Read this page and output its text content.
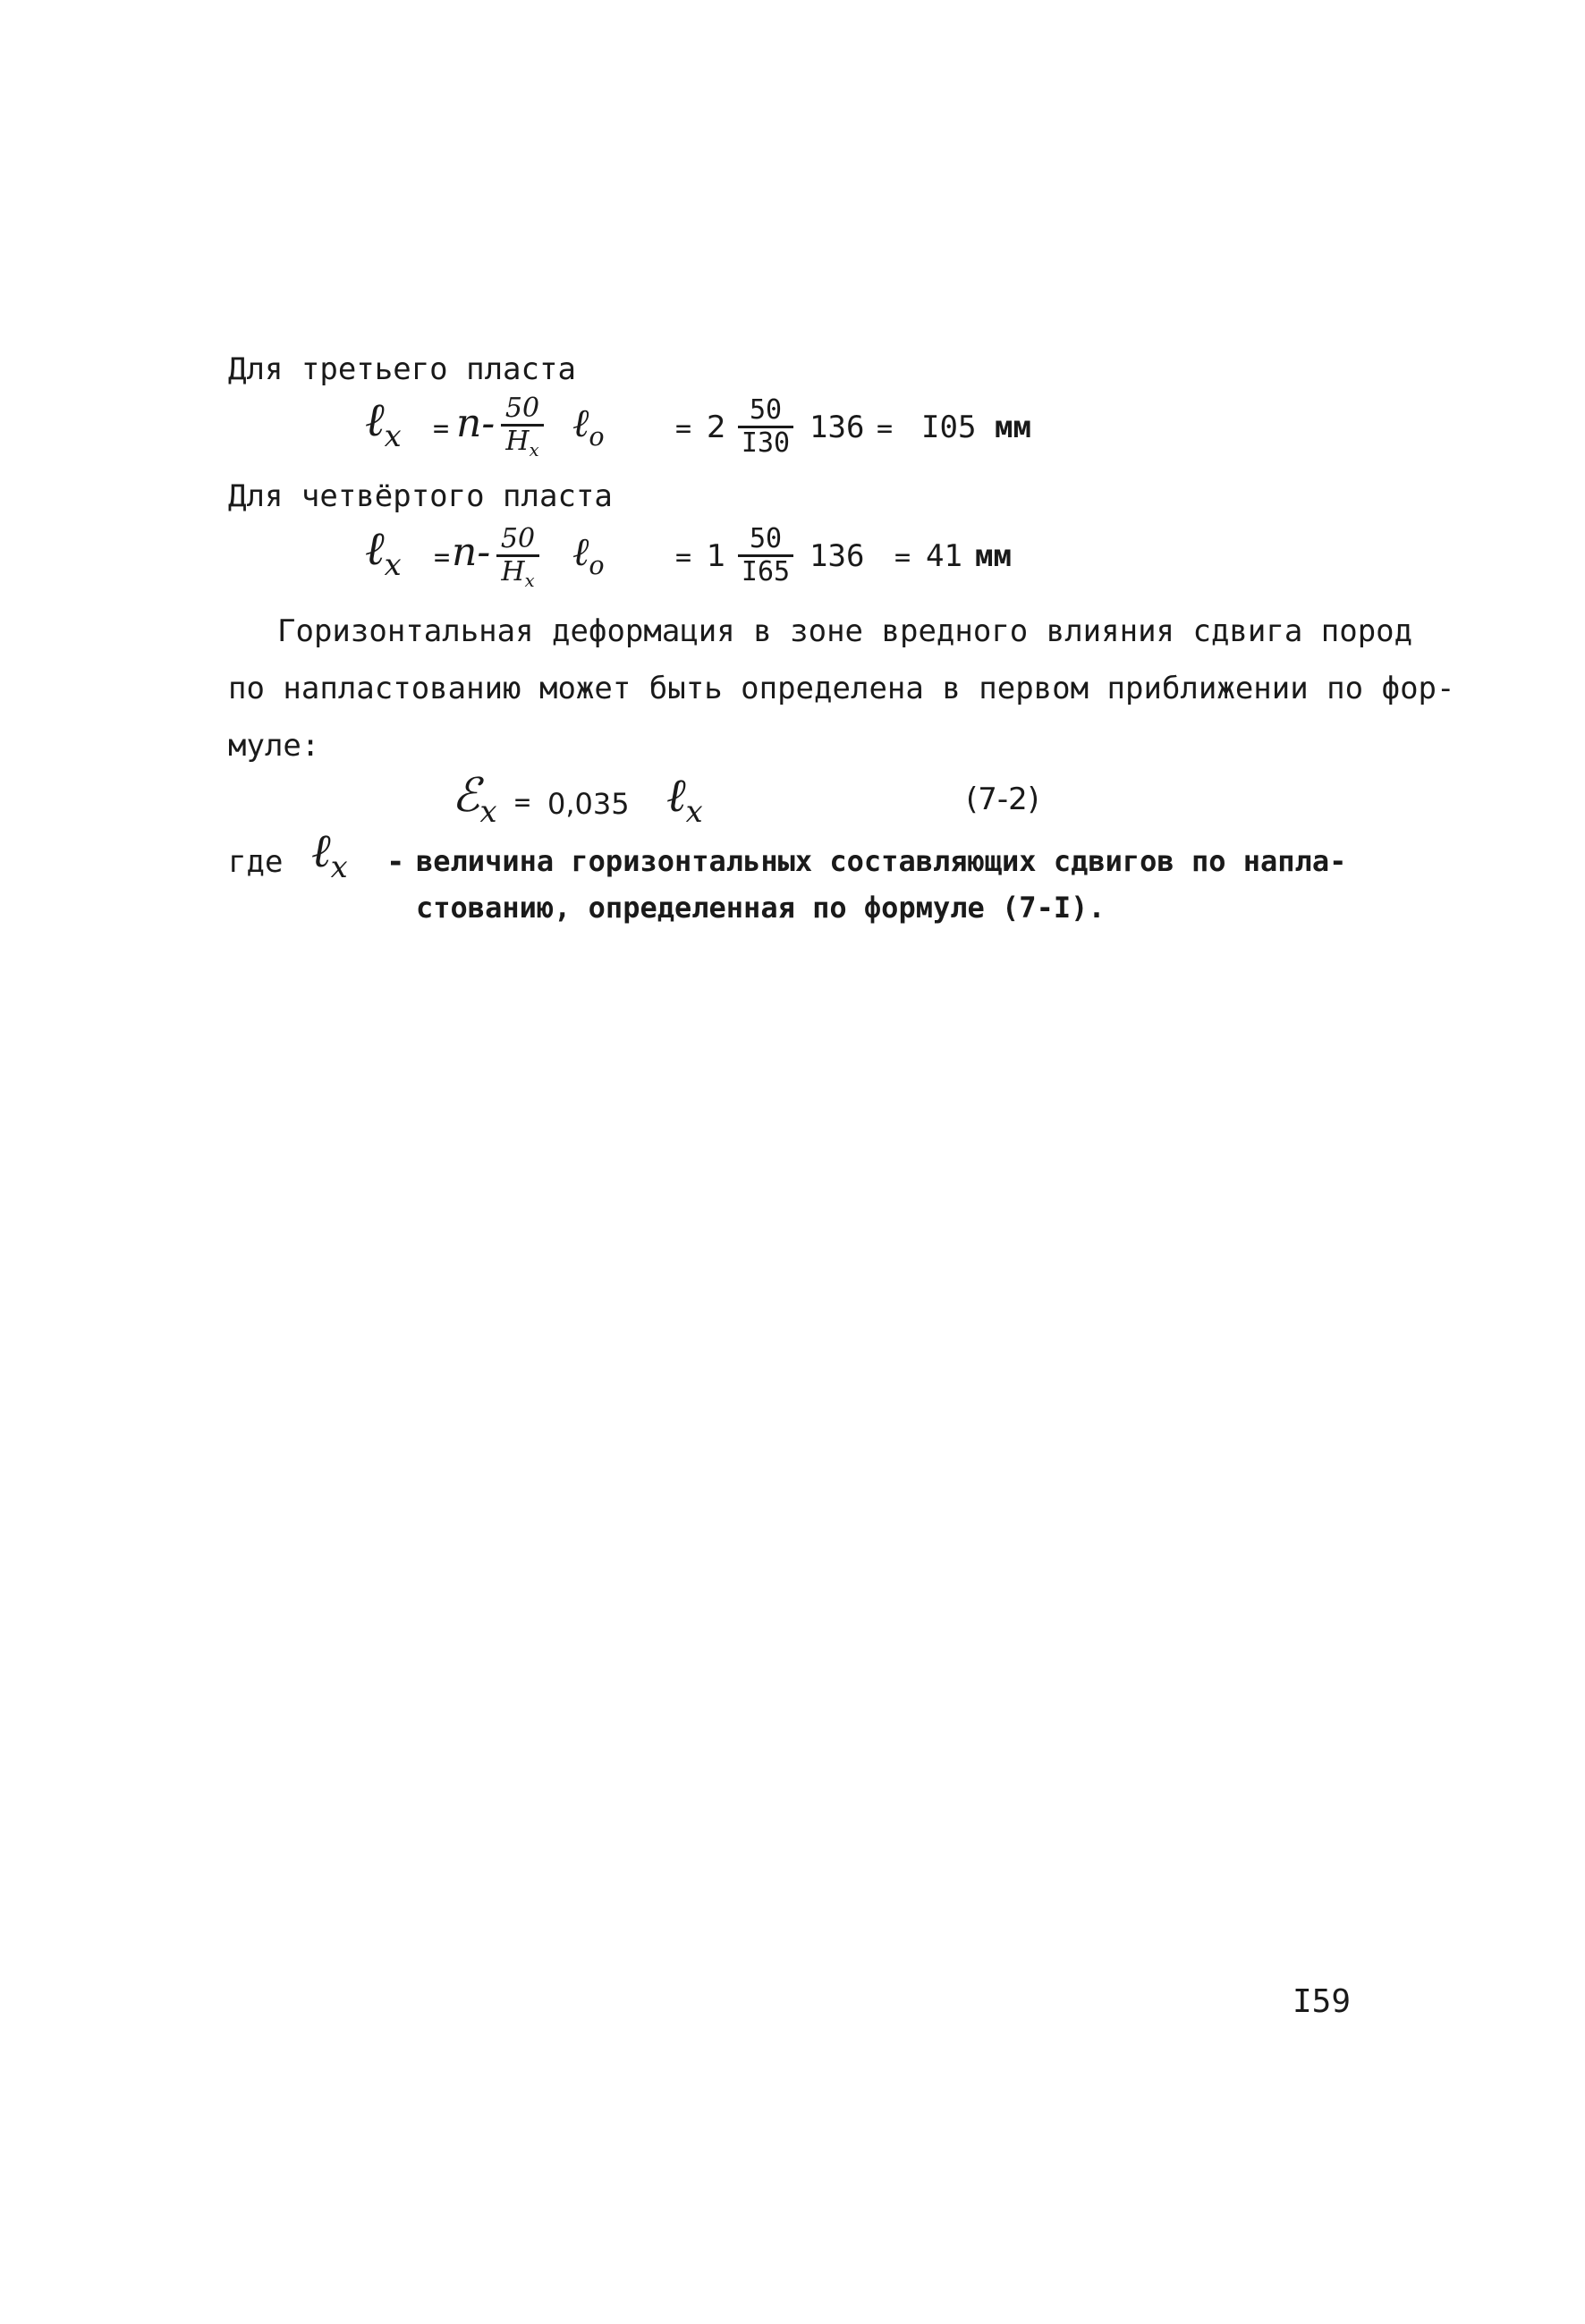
Для третьего пласта
ℓ$_x$ = n- 50
$H_x$
ℓ$_o$	= 2 50
I30 136 = I05 мм
Для четвёртого пласта
ℓ$_x$ = n- 50
$H_x$
ℓ$_o$	= 1 50
I65 136 = 41 мм
Горизонтальная деформация в зоне вредного влияния сдвига пород
по напластованию может быть определена в первом приближении по фор-
муле:
ℰ$_x$ = 0,035 ℓ$_x$	(7-2)
где ℓ$_x$ - величина горизонтальных составляющих сдвигов по напла-
стованию, определенная по формуле (7-I).
I59
